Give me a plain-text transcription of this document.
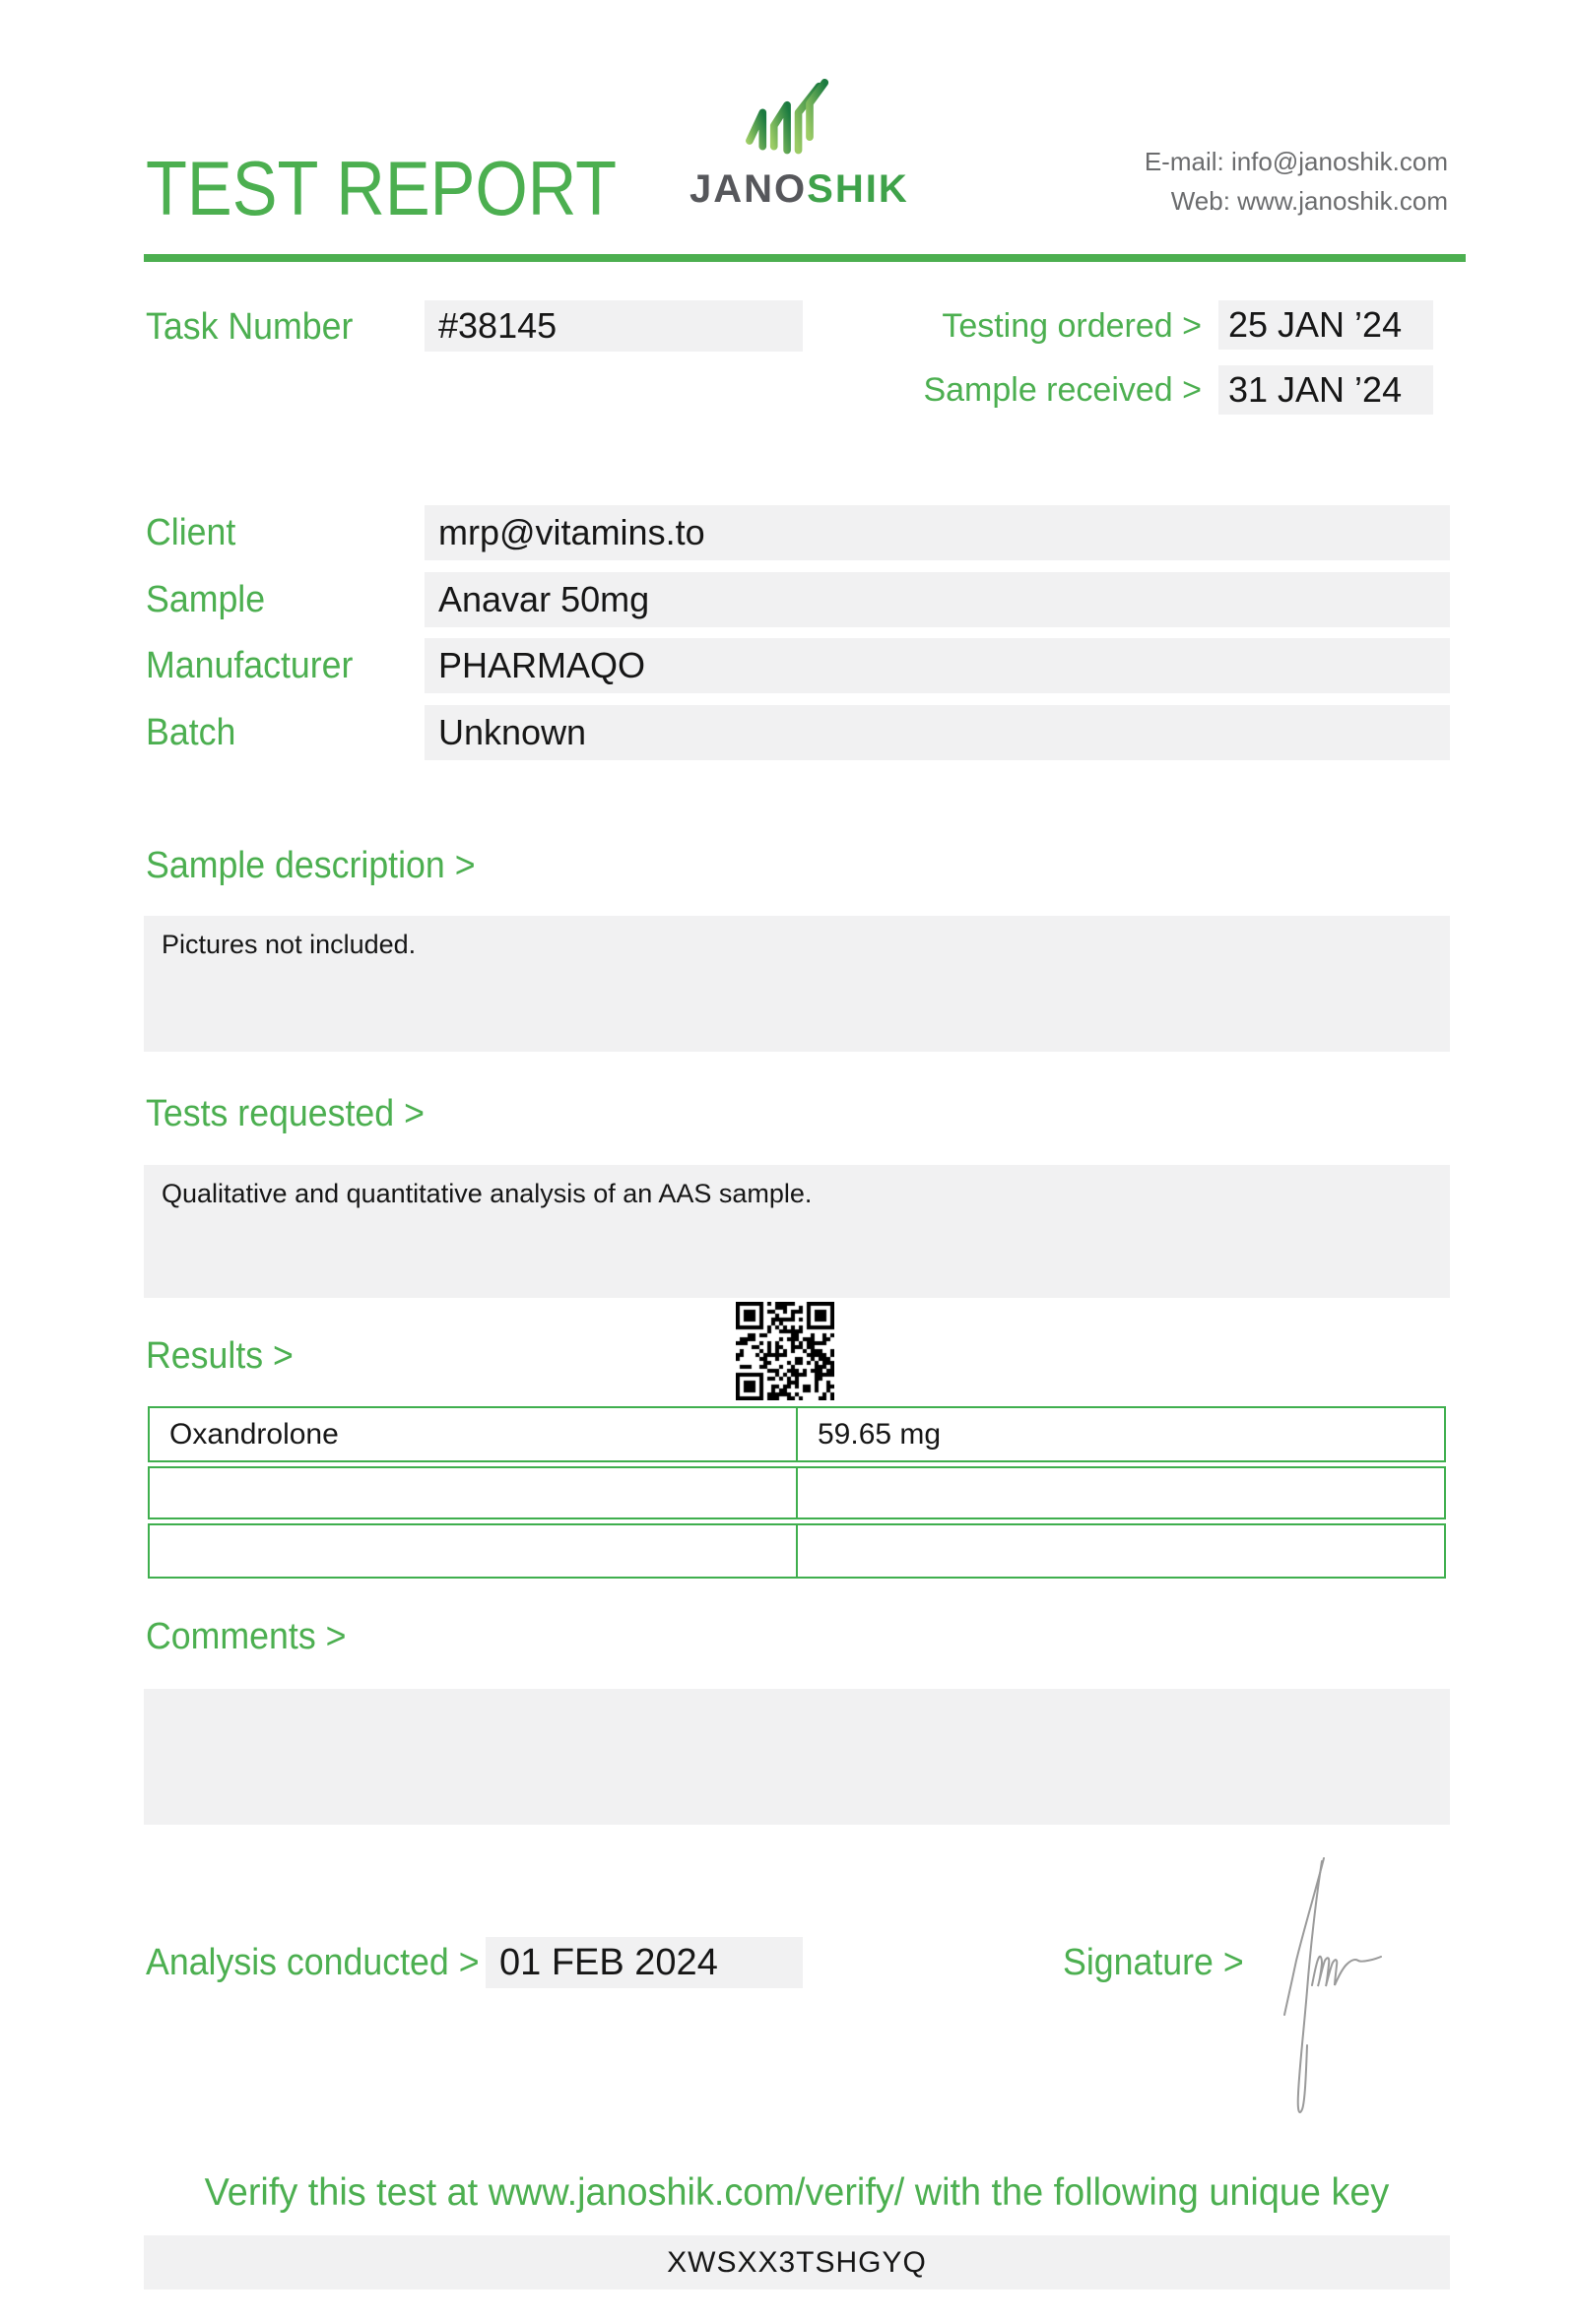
TEST REPORT JANOSHIK
E-mail: info@janoshik.com
Web: www.janoshik.com
Task Number	#38145	Testing ordered > 25 JAN ’24
Sample received > 31 JAN ’24
Client	mrp@vitamins.to
Sample	Anavar 50mg
Manufacturer	PHARMAQO
Batch	Unknown
Sample description >
Pictures not included.
Tests requested >
Qualitative and quantitative analysis of an AAS sample.
Results >
Oxandrolone	59.65 mg
Comments >
Analysis conducted > 01 FEB 2024	Signature >
Verify this test at www.janoshik.com/verify/ with the following unique key
XWSXX3TSHGYQ
